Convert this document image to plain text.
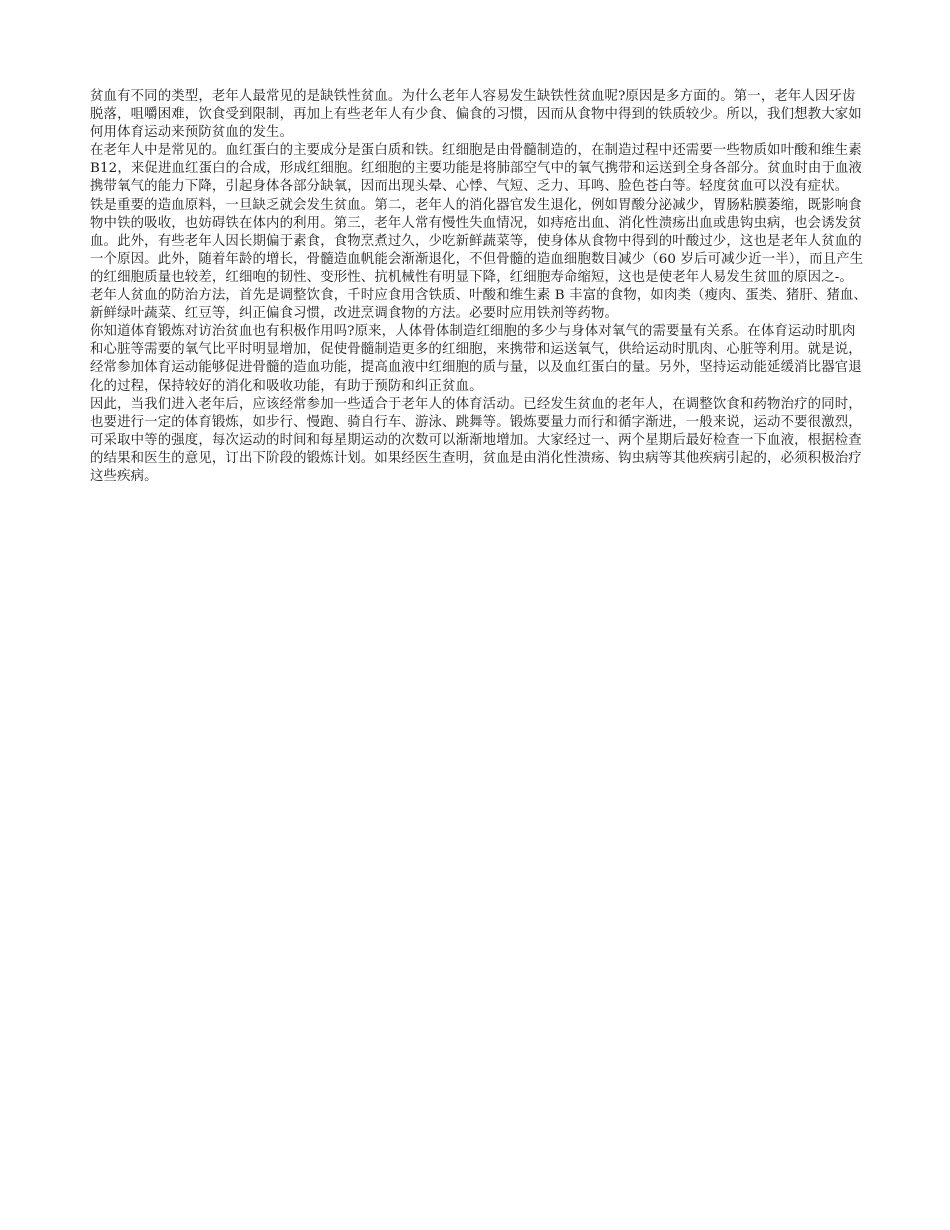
贫血有不同的类型，老年人最常见的是缺铁性贫血。为什么老年人容易发生缺铁性贫血呢?原因是多方面的。第一，老年人因牙齿脱落，咀嚼困难，饮食受到限制，再加上有些老年人有少食、偏食的习惯，因而从食物中得到的铁质较少。所以，我们想教大家如何用体育运动来预防贫血的发生。

在老年人中是常见的。血红蛋白的主要成分是蛋白质和铁。红细胞是由骨髓制造的，在制造过程中还需要一些物质如叶酸和维生素 B12，来促进血红蛋白的合成，形成红细胞。红细胞的主要功能是将肺部空气中的氧气携带和运送到全身各部分。贫血时由于血液携带氧气的能力下降，引起身体各部分缺氧，因而出现头晕、心悸、气短、乏力、耳鸣、脸色苍白等。轻度贫血可以没有症状。

铁是重要的造血原料，一旦缺乏就会发生贫血。第二，老年人的消化器官发生退化，例如胃酸分泌减少，胃肠粘膜萎缩，既影响食物中铁的吸收，也妨碍铁在体内的利用。第三，老年人常有慢性失血情况，如痔疮出血、消化性溃疡出血或患钩虫病，也会诱发贫血。此外，有些老年人因长期偏于素食，食物烹煮过久，少吃新鲜蔬菜等，使身体从食物中得到的叶酸过少，这也是老年人贫血的一个原因。此外，随着年龄的增长，骨髓造血帆能会渐渐退化，不但骨髓的造血细胞数目减少（60 岁后可减少近一半），而且产生的红细胞质量也较差，红细咆的韧性、变形性、抗机械性有明显下降，红细胞寿命缩短，这也是使老年人易发生贫皿的原因之-。

老年人贫血的防治方法，首先是调整饮食，千时应食用含铁质、叶酸和维生素 B 丰富的食物，如肉类（瘦肉、蛋类、猪肝、猪血、新鲜绿叶蔬菜、红豆等，纠正偏食习惯，改进烹调食物的方法。必要时应用铁剂等药物。

你知道体育锻炼对访治贫血也有积极作用吗?原来，人体骨体制造红细胞的多少与身体对氧气的需要量有关系。在体育运动时肌肉和心脏等需要的氧气比平时明显增加，促使骨髓制造更多的红细胞，来携带和运送氧气，供给运动时肌肉、心脏等利用。就是说，经常参加体育运动能够促进骨髓的造血功能，提高血液中红细胞的质与量，以及血红蛋白的量。另外，坚持运动能延缓消比器官退化的过程，保持较好的消化和吸收功能，有助于预防和纠正贫血。

因此，当我们进入老年后，应该经常参加一些适合于老年人的体育活动。已经发生贫血的老年人，在调整饮食和药物治疗的同时，也要进行一定的体育锻炼，如步行、慢跑、骑自行车、游泳、跳舞等。锻炼要量力而行和循字渐进，一般来说，运动不要很激烈，可采取中等的强度，每次运动的时间和每星期运动的次数可以渐渐地增加。大家经过一、两个星期后最好检查一下血液，根据检查的结果和医生的意见，订出下阶段的锻炼计划。如果经医生查明，贫血是由消化性溃疡、钩虫病等其他疾病引起的，必须积极治疗这些疾病。
